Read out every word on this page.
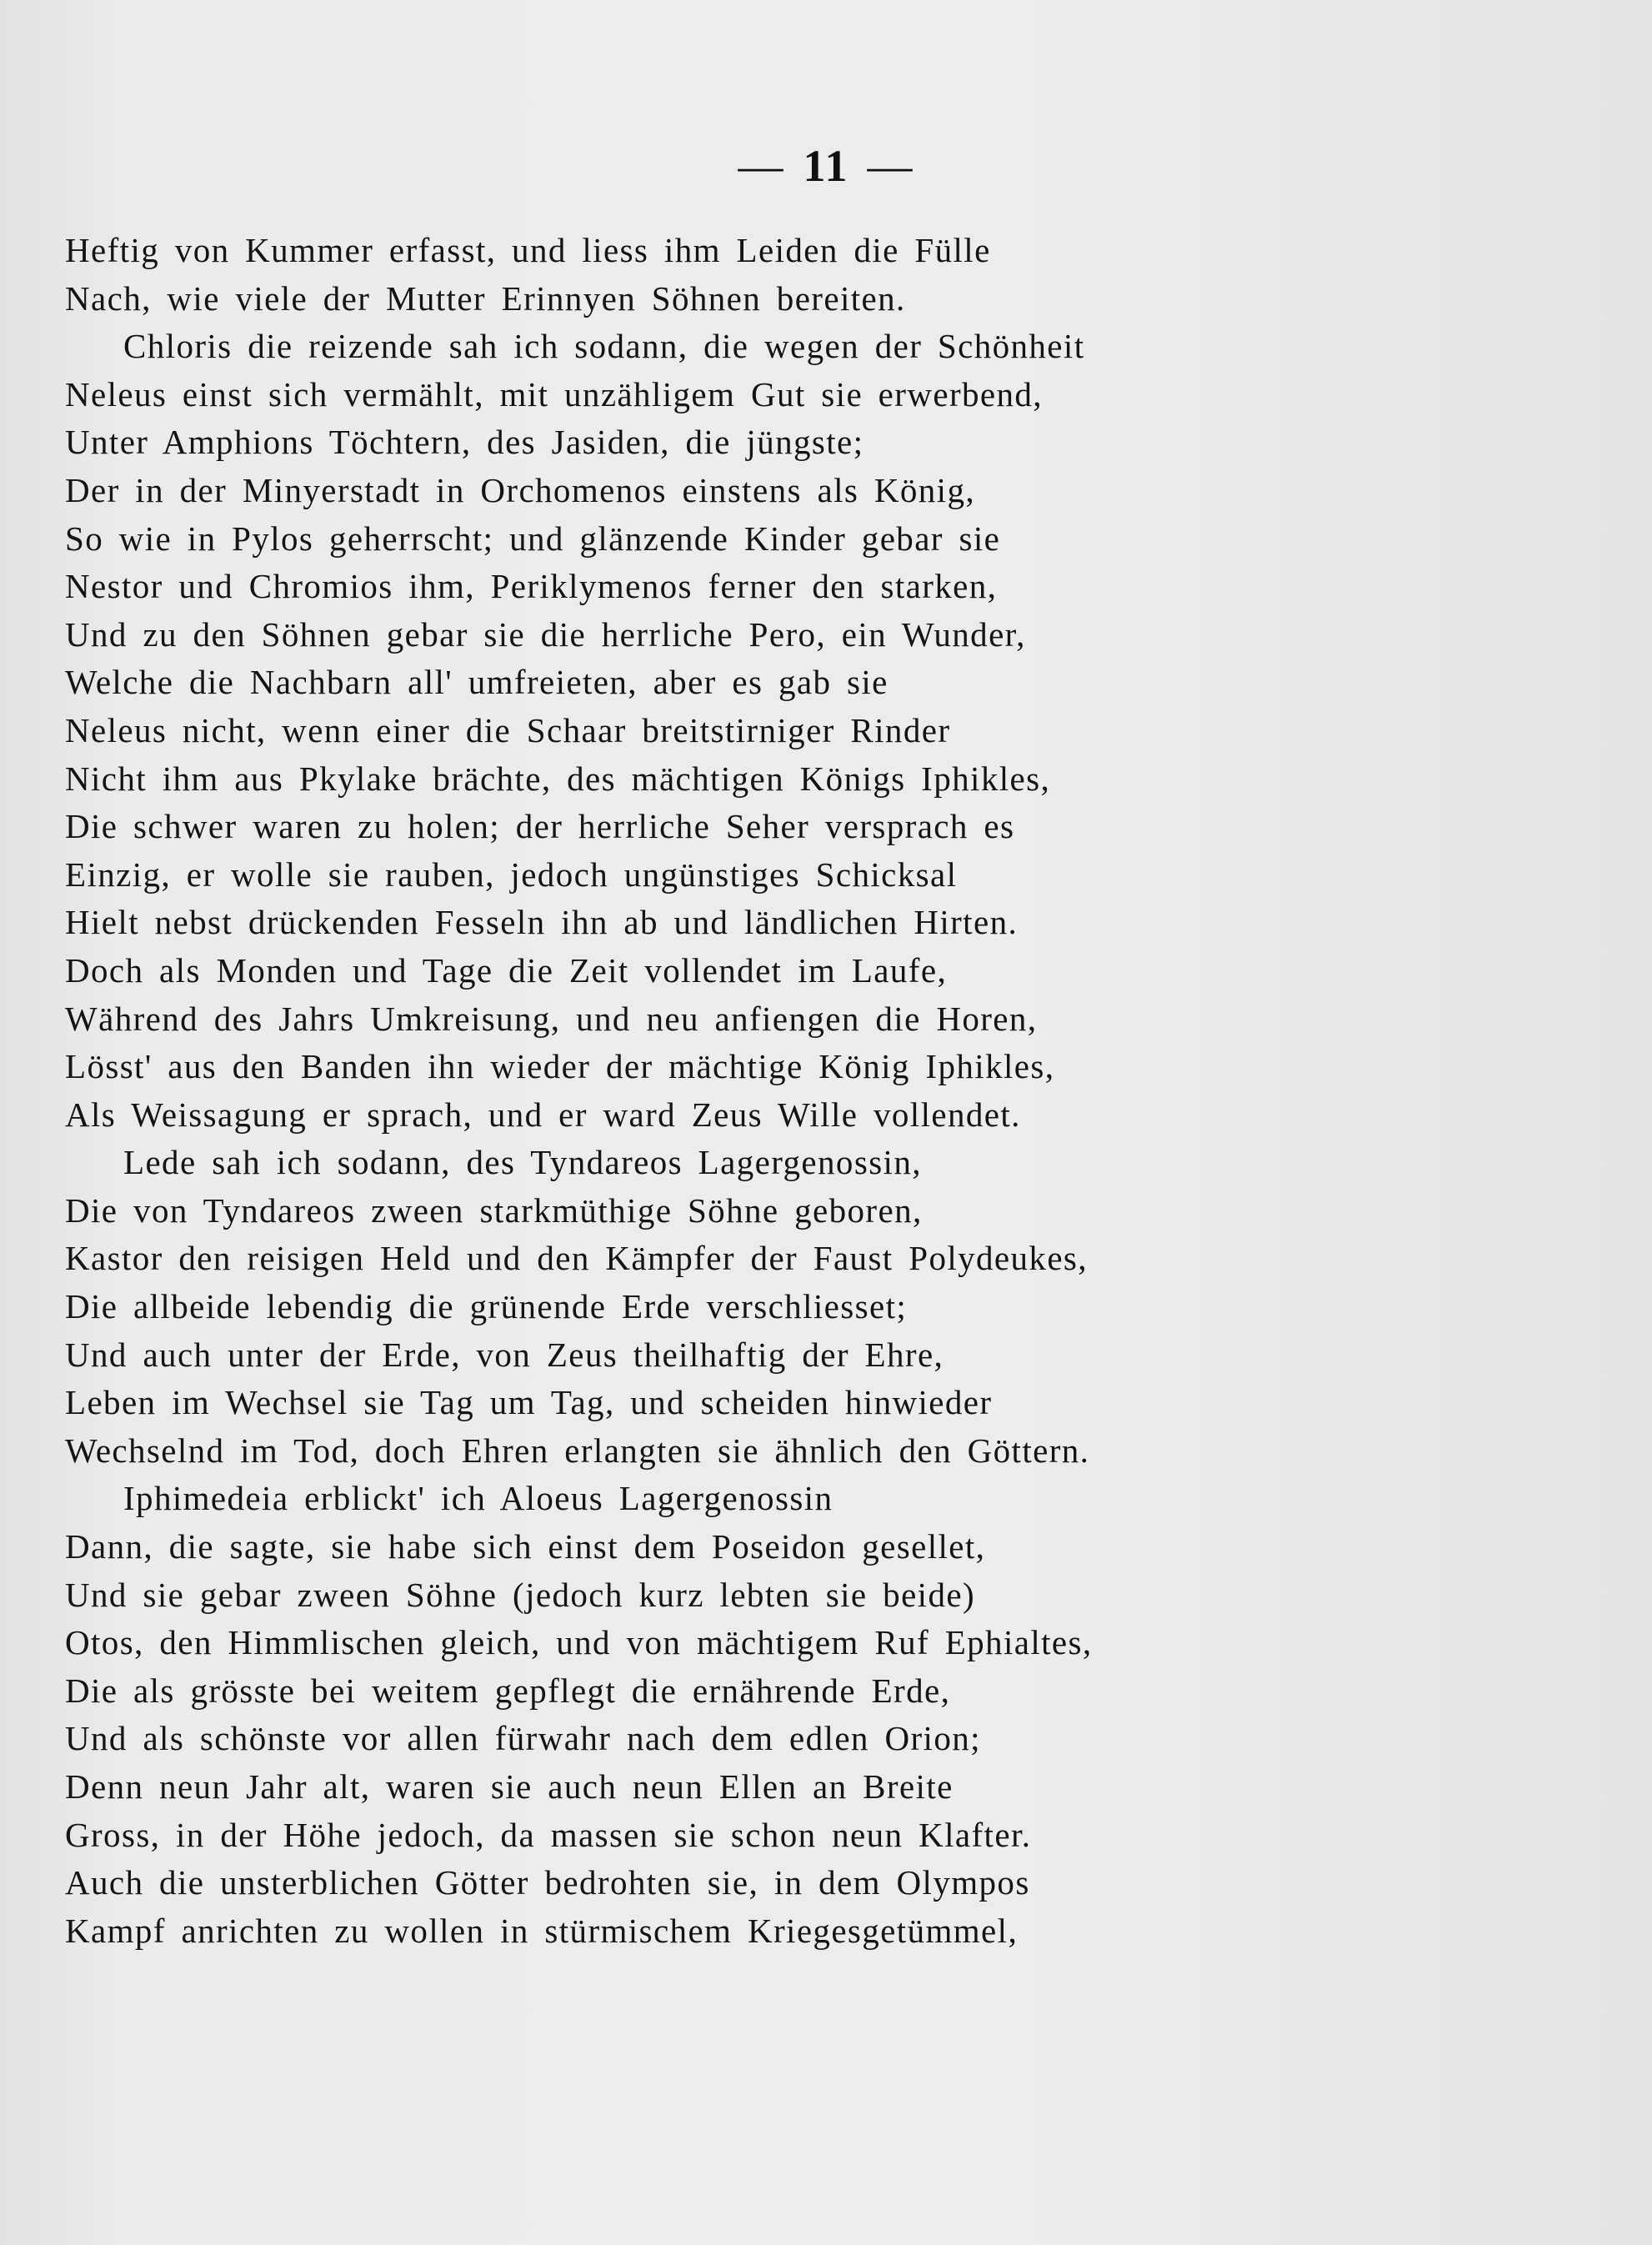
— 11 —
Heftig von Kummer erfasst, und liess ihm Leiden die Fülle
Nach, wie viele der Mutter Erinnyen Söhnen bereiten.
Chloris die reizende sah ich sodann, die wegen der Schönheit
Neleus einst sich vermählt, mit unzähligem Gut sie erwerbend,
Unter Amphions Töchtern, des Jasiden, die jüngste;
Der in der Minyerstadt in Orchomenos einstens als König,
So wie in Pylos geherrscht; und glänzende Kinder gebar sie
Nestor und Chromios ihm, Periklymenos ferner den starken,
Und zu den Söhnen gebar sie die herrliche Pero, ein Wunder,
Welche die Nachbarn all' umfreieten, aber es gab sie
Neleus nicht, wenn einer die Schaar breitstirniger Rinder
Nicht ihm aus Pkylake brächte, des mächtigen Königs Iphikles,
Die schwer waren zu holen; der herrliche Seher versprach es
Einzig, er wolle sie rauben, jedoch ungünstiges Schicksal
Hielt nebst drückenden Fesseln ihn ab und ländlichen Hirten.
Doch als Monden und Tage die Zeit vollendet im Laufe,
Während des Jahrs Umkreisung, und neu anfiengen die Horen,
Lösst' aus den Banden ihn wieder der mächtige König Iphikles,
Als Weissagung er sprach, und er ward Zeus Wille vollendet.
Lede sah ich sodann, des Tyndareos Lagergenossin,
Die von Tyndareos zween starkmüthige Söhne geboren,
Kastor den reisigen Held und den Kämpfer der Faust Polydeukes,
Die allbeide lebendig die grünende Erde verschliesset;
Und auch unter der Erde, von Zeus theilhaftig der Ehre,
Leben im Wechsel sie Tag um Tag, und scheiden hinwieder
Wechselnd im Tod, doch Ehren erlangten sie ähnlich den Göttern.
Iphimedeia erblickt' ich Aloeus Lagergenossin
Dann, die sagte, sie habe sich einst dem Poseidon gesellet,
Und sie gebar zween Söhne (jedoch kurz lebten sie beide)
Otos, den Himmlischen gleich, und von mächtigem Ruf Ephialtes,
Die als grösste bei weitem gepflegt die ernährende Erde,
Und als schönste vor allen fürwahr nach dem edlen Orion;
Denn neun Jahr alt, waren sie auch neun Ellen an Breite
Gross, in der Höhe jedoch, da massen sie schon neun Klafter.
Auch die unsterblichen Götter bedrohten sie, in dem Olympos
Kampf anrichten zu wollen in stürmischem Kriegesgetümmel,
